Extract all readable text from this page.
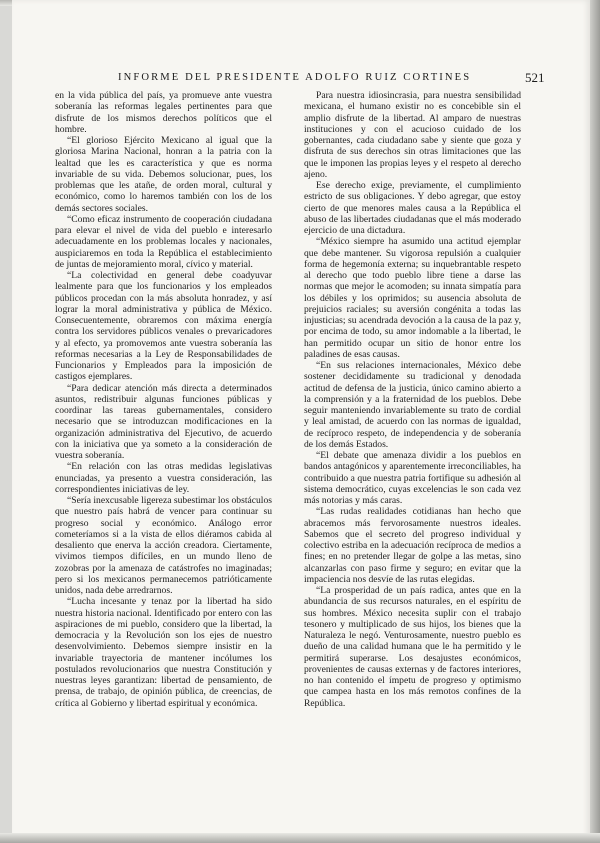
INFORME DEL PRESIDENTE ADOLFO RUIZ CORTINES	521

en la vida pública del país, ya promueve ante vuestra soberanía las reformas legales pertinentes para que disfrute de los mismos derechos políticos que el hombre.

“El glorioso Ejército Mexicano al igual que la gloriosa Marina Nacional, honran a la patria con la lealtad que les es característica y que es norma invariable de su vida. Debemos solucionar, pues, los problemas que les atañe, de orden moral, cultural y económico, como lo haremos también con los de los demás sectores sociales.

“Como eficaz instrumento de cooperación ciudadana para elevar el nivel de vida del pueblo e interesarlo adecuadamente en los problemas locales y nacionales, auspiciaremos en toda la República el establecimiento de juntas de mejoramiento moral, cívico y material.

“La colectividad en general debe coadyuvar lealmente para que los funcionarios y los empleados públicos procedan con la más absoluta honradez, y así lograr la moral administrativa y pública de México. Consecuentemente, obraremos con máxima energía contra los servidores públicos venales o prevaricadores y al efecto, ya promovemos ante vuestra soberanía las reformas necesarias a la Ley de Responsabilidades de Funcionarios y Empleados para la imposición de castigos ejemplares.

“Para dedicar atención más directa a determinados asuntos, redistribuir algunas funciones públicas y coordinar las tareas gubernamentales, considero necesario que se introduzcan modificaciones en la organización administrativa del Ejecutivo, de acuerdo con la iniciativa que ya someto a la consideración de vuestra soberanía.

“En relación con las otras medidas legislativas enunciadas, ya presento a vuestra consideración, las correspondientes iniciativas de ley.

“Sería inexcusable ligereza subestimar los obstáculos que nuestro país habrá de vencer para continuar su progreso social y económico. Análogo error cometeríamos si a la vista de ellos diéramos cabida al desaliento que enerva la acción creadora. Ciertamente, vivimos tiempos difíciles, en un mundo lleno de zozobras por la amenaza de catástrofes no imaginadas; pero si los mexicanos permanecemos patrióticamente unidos, nada debe arredrarnos.

“Lucha incesante y tenaz por la libertad ha sido nuestra historia nacional. Identificado por entero con las aspiraciones de mi pueblo, considero que la libertad, la democracia y la Revolución son los ejes de nuestro desenvolvimiento. Debemos siempre insistir en la invariable trayectoria de mantener incólumes los postulados revolucionarios que nuestra Constitución y nuestras leyes garantizan: libertad de pensamiento, de prensa, de trabajo, de opinión pública, de creencias, de crítica al Gobierno y libertad espiritual y económica.

Para nuestra idiosincrasia, para nuestra sensibilidad mexicana, el humano existir no es concebible sin el amplio disfrute de la libertad. Al amparo de nuestras instituciones y con el acucioso cuidado de los gobernantes, cada ciudadano sabe y siente que goza y disfruta de sus derechos sin otras limitaciones que las que le imponen las propias leyes y el respeto al derecho ajeno.

Ese derecho exige, previamente, el cumplimiento estricto de sus obligaciones. Y debo agregar, que estoy cierto de que menores males causa a la República el abuso de las libertades ciudadanas que el más moderado ejercicio de una dictadura.

“México siempre ha asumido una actitud ejemplar que debe mantener. Su vigorosa repulsión a cualquier forma de hegemonía externa; su inquebrantable respeto al derecho que todo pueblo libre tiene a darse las normas que mejor le acomoden; su innata simpatía para los débiles y los oprimidos; su ausencia absoluta de prejuicios raciales; su aversión congénita a todas las injusticias; su acendrada devoción a la causa de la paz y, por encima de todo, su amor indomable a la libertad, le han permitido ocupar un sitio de honor entre los paladines de esas causas.

“En sus relaciones internacionales, México debe sostener decididamente su tradicional y denodada actitud de defensa de la justicia, único camino abierto a la comprensión y a la fraternidad de los pueblos. Debe seguir manteniendo invariablemente su trato de cordial y leal amistad, de acuerdo con las normas de igualdad, de recíproco respeto, de independencia y de soberanía de los demás Estados.

“El debate que amenaza dividir a los pueblos en bandos antagónicos y aparentemente irreconciliables, ha contribuido a que nuestra patria fortifique su adhesión al sistema democrático, cuyas excelencias le son cada vez más notorias y más caras.

“Las rudas realidades cotidianas han hecho que abracemos más fervorosamente nuestros ideales. Sabemos que el secreto del progreso individual y colectivo estriba en la adecuación recíproca de medios a fines; en no pretender llegar de golpe a las metas, sino alcanzarlas con paso firme y seguro; en evitar que la impaciencia nos desvíe de las rutas elegidas.

“La prosperidad de un país radica, antes que en la abundancia de sus recursos naturales, en el espíritu de sus hombres. México necesita suplir con el trabajo tesonero y multiplicado de sus hijos, los bienes que la Naturaleza le negó. Venturosamente, nuestro pueblo es dueño de una calidad humana que le ha permitido y le permitirá superarse. Los desajustes económicos, provenientes de causas externas y de factores interiores, no han contenido el ímpetu de progreso y optimismo que campea hasta en los más remotos confines de la República.
